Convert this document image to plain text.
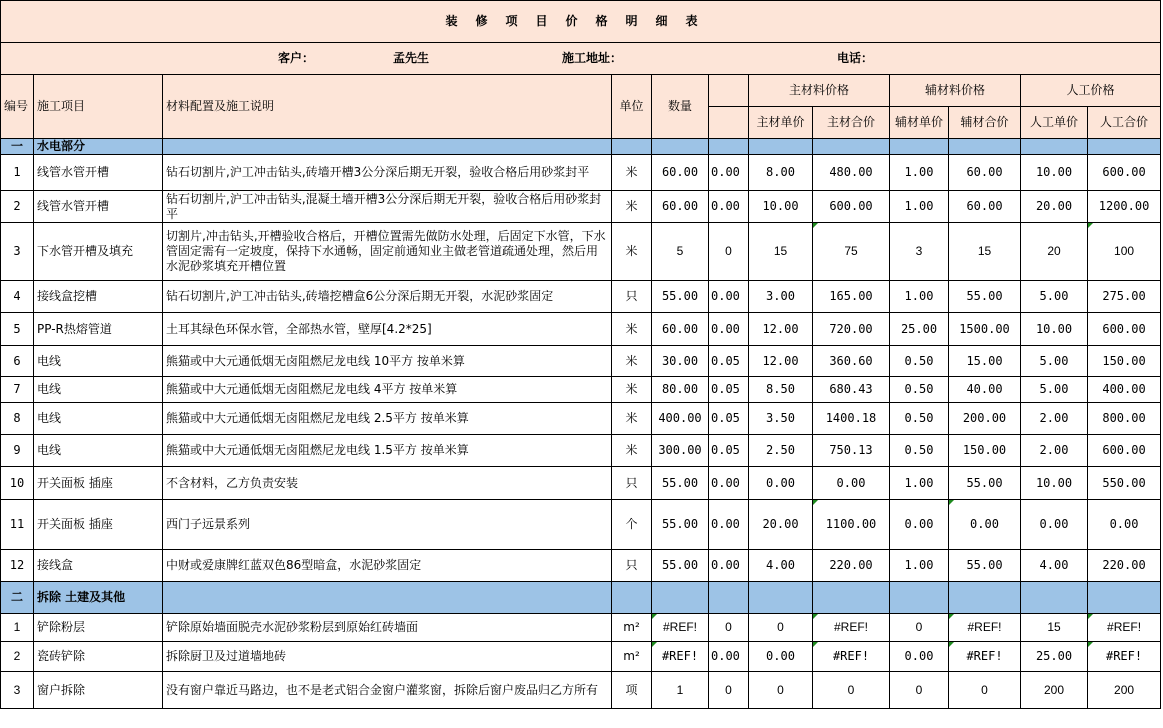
装修项目价格明细表											

客户： 孟先生 施工地址： 电话：											

编号	施工项目	材料配置及施工说明	单位	数量		主材料价格		辅材料价格		人工价格	
						主材单价	主材合价	辅材单价	辅材合价	人工单价	人工合价
一	水电部分										
1	线管水管开槽	钻石切割片,沪工冲击钻头,砖墙开槽3公分深后期无开裂，验收合格后用砂浆封平	米	60.00	0.00	8.00	480.00	1.00	60.00	10.00	600.00
2	线管水管开槽	钻石切割片,沪工冲击钻头,混凝土墙开槽3公分深后期无开裂，验收合格后用砂浆封平	米	60.00	0.00	10.00	600.00	1.00	60.00	20.00	1200.00
3	下水管开槽及填充	切割片,冲击钻头,开槽验收合格后，开槽位置需先做防水处理，后固定下水管，下水管固定需有一定坡度，保持下水通畅，固定前通知业主做老管道疏通处理，然后用水泥砂浆填充开槽位置	米	5	0	15	75	3	15	20	100
4	接线盒挖槽	钻石切割片,沪工冲击钻头,砖墙挖槽盒6公分深后期无开裂，水泥砂浆固定	只	55.00	0.00	3.00	165.00	1.00	55.00	5.00	275.00
5	PP-R热熔管道	土耳其绿色环保水管，全部热水管，壁厚[4.2*25]	米	60.00	0.00	12.00	720.00	25.00	1500.00	10.00	600.00
6	电线	熊猫或中大元通低烟无卤阻燃尼龙电线 10平方 按单米算	米	30.00	0.05	12.00	360.60	0.50	15.00	5.00	150.00
7	电线	熊猫或中大元通低烟无卤阻燃尼龙电线 4平方 按单米算	米	80.00	0.05	8.50	680.43	0.50	40.00	5.00	400.00
8	电线	熊猫或中大元通低烟无卤阻燃尼龙电线 2.5平方 按单米算	米	400.00	0.05	3.50	1400.18	0.50	200.00	2.00	800.00
9	电线	熊猫或中大元通低烟无卤阻燃尼龙电线 1.5平方 按单米算	米	300.00	0.05	2.50	750.13	0.50	150.00	2.00	600.00
10	开关面板 插座	不含材料，乙方负责安装	只	55.00	0.00	0.00	0.00	1.00	55.00	10.00	550.00
11	开关面板 插座	西门子远景系列	个	55.00	0.00	20.00	1100.00	0.00	0.00	0.00	0.00
12	接线盒	中财或爱康牌红蓝双色86型暗盒，水泥砂浆固定	只	55.00	0.00	4.00	220.00	1.00	55.00	4.00	220.00
二	拆除 土建及其他										
1	铲除粉层	铲除原始墙面脱壳水泥砂浆粉层到原始红砖墙面	m²	#REF!	0	0	#REF!	0	#REF!	15	#REF!
2	瓷砖铲除	拆除厨卫及过道墙地砖	m²	#REF!	0.00	0.00	#REF!	0.00	#REF!	25.00	#REF!
3	窗户拆除	没有窗户靠近马路边，也不是老式铝合金窗户灌浆窗，拆除后窗户废品归乙方所有	项	1	0	0	0	0	0	200	200
